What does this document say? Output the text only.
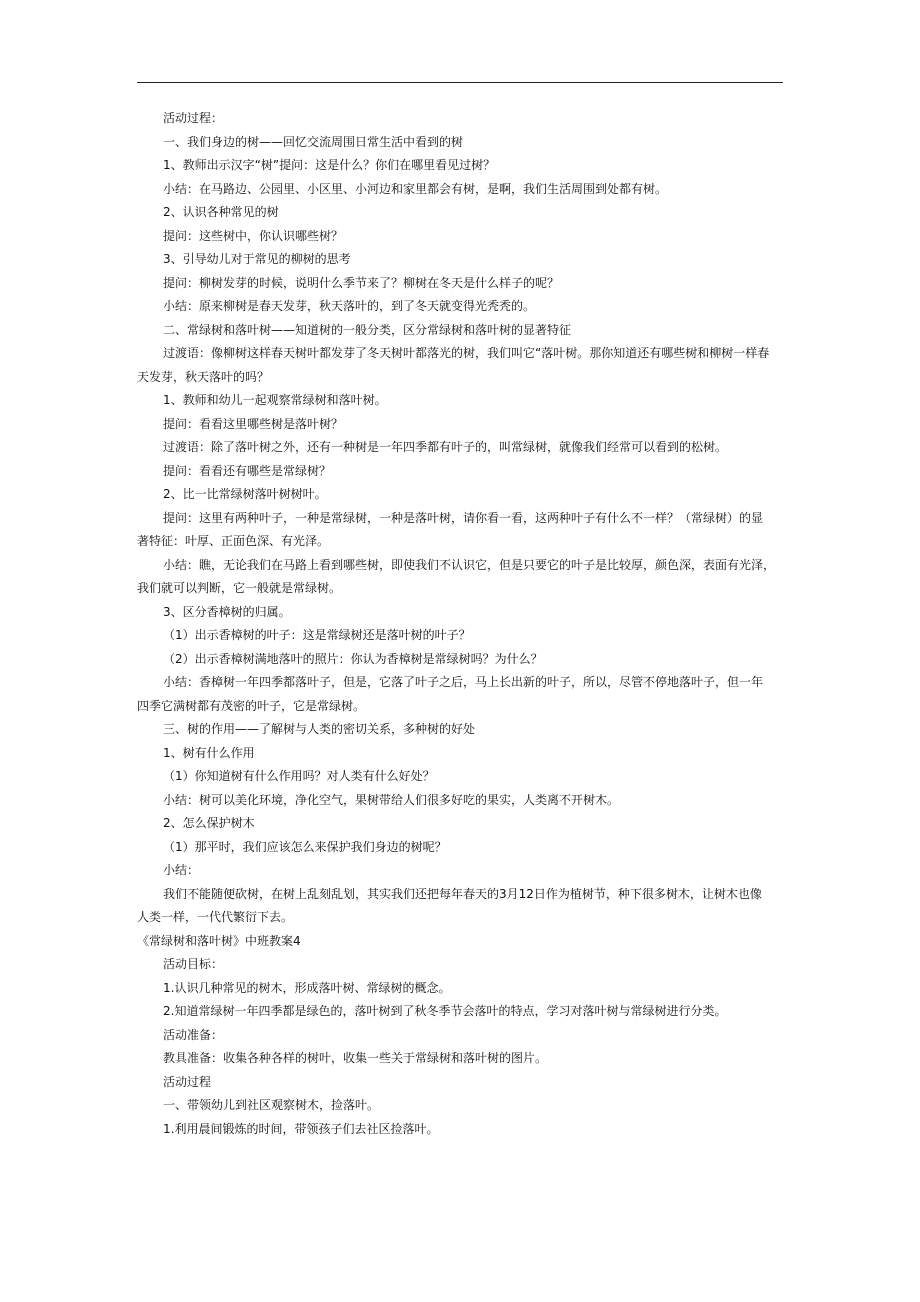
活动过程：

一、我们身边的树——回忆交流周围日常生活中看到的树

1、教师出示汉字“树”提问：这是什么？你们在哪里看见过树？

小结：在马路边、公园里、小区里、小河边和家里都会有树，是啊，我们生活周围到处都有树。

2、认识各种常见的树

提问：这些树中，你认识哪些树？

3、引导幼儿对于常见的柳树的思考

提问：柳树发芽的时候，说明什么季节来了？柳树在冬天是什么样子的呢？

小结：原来柳树是春天发芽，秋天落叶的，到了冬天就变得光秃秃的。

二、常绿树和落叶树——知道树的一般分类，区分常绿树和落叶树的显著特征

过渡语：像柳树这样春天树叶都发芽了冬天树叶都落光的树，我们叫它“落叶树。那你知道还有哪些树和柳树一样春

天发芽，秋天落叶的吗？

1、教师和幼儿一起观察常绿树和落叶树。

提问：看看这里哪些树是落叶树？

过渡语：除了落叶树之外，还有一种树是一年四季都有叶子的，叫常绿树，就像我们经常可以看到的松树。

提问：看看还有哪些是常绿树？

2、比一比常绿树落叶树树叶。

提问：这里有两种叶子，一种是常绿树，一种是落叶树，请你看一看，这两种叶子有什么不一样？（常绿树）的显

著特征：叶厚、正面色深、有光泽。

小结：瞧，无论我们在马路上看到哪些树，即使我们不认识它，但是只要它的叶子是比较厚，颜色深，表面有光泽，

我们就可以判断，它一般就是常绿树。

3、区分香樟树的归属。

（1）出示香樟树的叶子：这是常绿树还是落叶树的叶子？

（2）出示香樟树满地落叶的照片：你认为香樟树是常绿树吗？为什么？

小结：香樟树一年四季都落叶子，但是，它落了叶子之后，马上长出新的叶子，所以，尽管不停地落叶子，但一年

四季它满树都有茂密的叶子，它是常绿树。

三、树的作用——了解树与人类的密切关系，多种树的好处

1、树有什么作用

（1）你知道树有什么作用吗？对人类有什么好处？

小结：树可以美化环境，净化空气，果树带给人们很多好吃的果实，人类离不开树木。

2、怎么保护树木

（1）那平时，我们应该怎么来保护我们身边的树呢？

小结：

我们不能随便砍树，在树上乱刻乱划，其实我们还把每年春天的3月12日作为植树节，种下很多树木，让树木也像

人类一样，一代代繁衍下去。

《常绿树和落叶树》中班教案4

活动目标：

1.认识几种常见的树木，形成落叶树、常绿树的概念。

2.知道常绿树一年四季都是绿色的，落叶树到了秋冬季节会落叶的特点，学习对落叶树与常绿树进行分类。

活动准备：

教具准备：收集各种各样的树叶，收集一些关于常绿树和落叶树的图片。

活动过程

一、带领幼儿到社区观察树木，捡落叶。

1.利用晨间锻炼的时间，带领孩子们去社区捡落叶。
